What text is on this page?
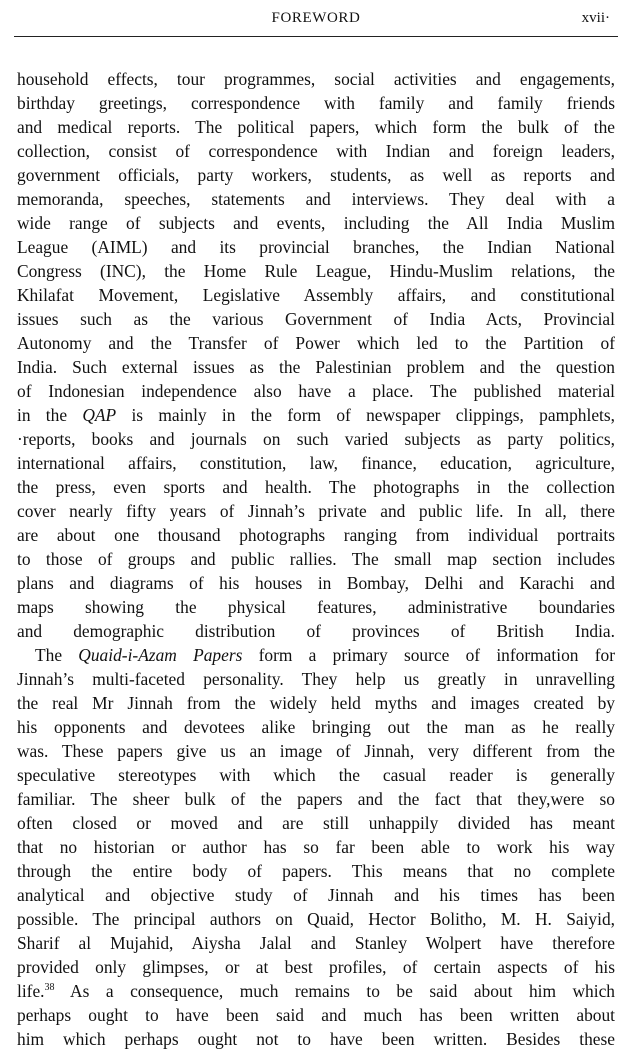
FOREWORD	xvii·
household effects, tour programmes, social activities and engagements,
birthday greetings, correspondence with family and family friends
and medical reports. The political papers, which form the bulk of the
collection, consist of correspondence with Indian and foreign leaders,
government officials, party workers, students, as well as reports and
memoranda, speeches, statements and interviews. They deal with a
wide range of subjects and events, including the All India Muslim
League (AIML) and its provincial branches, the Indian National
Congress (INC), the Home Rule League, Hindu-Muslim relations, the
Khilafat Movement, Legislative Assembly affairs, and constitutional
issues such as the various Government of India Acts, Provincial
Autonomy and the Transfer of Power which led to the Partition of
India. Such external issues as the Palestinian problem and the question
of Indonesian independence also have a place. The published material
in the QAP is mainly in the form of newspaper clippings, pamphlets,
·reports, books and journals on such varied subjects as party politics,
international affairs, constitution, law, finance, education, agriculture,
the press, even sports and health. The photographs in the collection
cover nearly fifty years of Jinnah’s private and public life. In all, there
are about one thousand photographs ranging from individual portraits
to those of groups and public rallies. The small map section includes
plans and diagrams of his houses in Bombay, Delhi and Karachi and
maps showing the physical features, administrative boundaries
and demographic distribution of provinces of British India.
The Quaid-i-Azam Papers form a primary source of information for
Jinnah’s multi-faceted personality. They help us greatly in unravelling
the real Mr Jinnah from the widely held myths and images created by
his opponents and devotees alike bringing out the man as he really
was. These papers give us an image of Jinnah, very different from the
speculative stereotypes with which the casual reader is generally
familiar. The sheer bulk of the papers and the fact that they,were so
often closed or moved and are still unhappily divided has meant
that no historian or author has so far been able to work his way
through the entire body of papers. This means that no complete
analytical and objective study of Jinnah and his times has been
possible. The principal authors on Quaid, Hector Bolitho, M. H. Saiyid,
Sharif al Mujahid, Aiysha Jalal and Stanley Wolpert have therefore
provided only glimpses, or at best profiles, of certain aspects of his
life.$^{38}$ As a consequence, much remains to be said about him which
perhaps ought to have been said and much has been written about
him which perhaps ought not to have been written. Besides these
